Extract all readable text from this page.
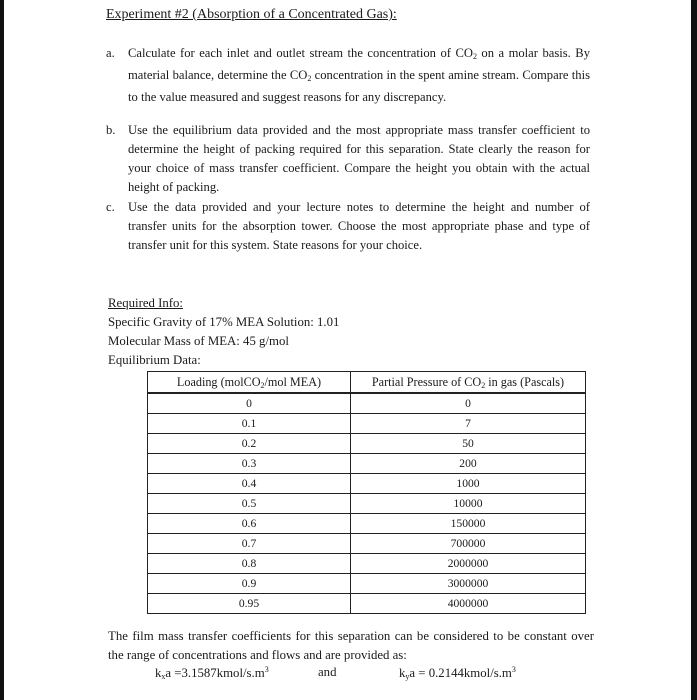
Experiment #2 (Absorption of a Concentrated Gas):
a. Calculate for each inlet and outlet stream the concentration of $CO_2$ on a molar basis. By material balance, determine the $CO_2$ concentration in the spent amine stream. Compare this to the value measured and suggest reasons for any discrepancy.
b. Use the equilibrium data provided and the most appropriate mass transfer coefficient to determine the height of packing required for this separation. State clearly the reason for your choice of mass transfer coefficient. Compare the height you obtain with the actual height of packing.
c. Use the data provided and your lecture notes to determine the height and number of transfer units for the absorption tower. Choose the most appropriate phase and type of transfer unit for this system. State reasons for your choice.
Required Info:
Specific Gravity of 17% MEA Solution: 1.01
Molecular Mass of MEA: 45 g/mol
Equilibrium Data:
Loading (molCO$_2$/mol MEA)	Partial Pressure of $CO_2$ in gas (Pascals)
0	0
0.1	7
0.2	50
0.3	200
0.4	1000
0.5	10000
0.6	150000
0.7	700000
0.8	2000000
0.9	3000000
0.95	4000000
The film mass transfer coefficients for this separation can be considered to be constant over the range of concentrations and flows and are provided as:
$k_xa$ $=3.1587kmol/s.m^3$	and	$k_ya$ = $0.2144kmol/s.m^3$
